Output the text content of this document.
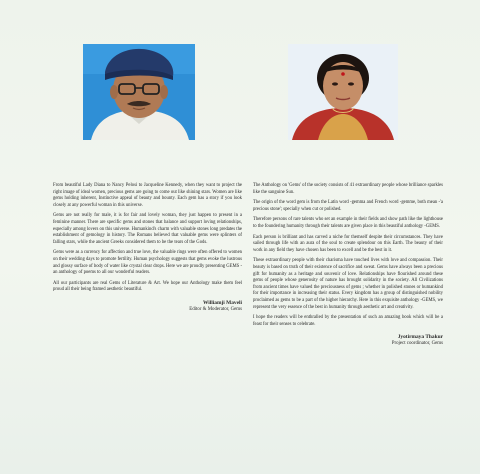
From beautiful Lady Diana to Nancy Pelosi to Jacqueline Kennedy, when they want to project the right image of ideal women, precious gems are going to come out like shining stars. Women are like gems holding inherent, Instinctive appeal of beauty and bounty. Each gem has a story if you look closely at any powerful woman in this universe.

Gems are not really for male, it is for fair and lovely woman, they just happen to present in a feminine manner. There are specific gems and stones that balance and support loving relationships, especially among lovers on this universe. Humankind's charm with valuable stones long predates the establishment of gemology in history. The Romans believed that valuable gems were splinters of falling stars, while the ancient Greeks considered them to be the tears of the Gods.

Gems were as a currency for affection and true love, the valuable rings were often offered to women on their wedding days to promote fertility. Human psychology suggests that gems evoke the lustrous and glossy surface of body of water like crystal clear drops. Here we are proudly presenting GEMS - an anthology of poems to all our wonderful readers.

All our participants are real Gems of Literature & Art. We hope our Anthology make them feel proud all their being framed aesthetic beautiful.

Williamji Maveli
Editor & Moderator, Gems

The Anthology on 'Gems' of the society consists of 41 extraordinary people whose brilliance sparkles like the sanguine Sun.

The origin of the word gem is from the Latin word -gemma and French word -gemme, both mean -'a precious stone'; specially when cut or polished.

Therefore persons of rare talents who set an example in their fields and show path like the lighthouse to the foundering humanity through their talents are given place in this beautiful anthology -GEMS.

Each person is brilliant and has carved a niche for themself despite their circumstances. They have sailed through life with an aura of the soul to create splendour on this Earth. The beauty of their work in any field they have chosen has been to excell and be the best in it.

These extraordinary people with their charisma have touched lives with love and compassion. Their beauty is based on truth of their existence of sacrifice and sweat. Gems have always been a precious gift for humanity as a heritage and souvenir of love. Relationships have flourished around these gems of people whose generosity of nature has brought solidarity in the society. All Civilizations from ancient times have valued the preciousness of gems ; whether in polished stones or humankind for their importance in increasing their status. Every kingdom has a group of distinguished nobility proclaimed as gems to be a part of the higher hierarchy. Here in this exquisite anthology -GEMS, we represent the very essence of the best in humanity through aesthetic art and creativity.

I hope the readers will be enthralled by the presentation of such an amazing book which will be a feast for their senses to celebrate.

Jyotirmaya Thakur
Project coordinator, Gems
